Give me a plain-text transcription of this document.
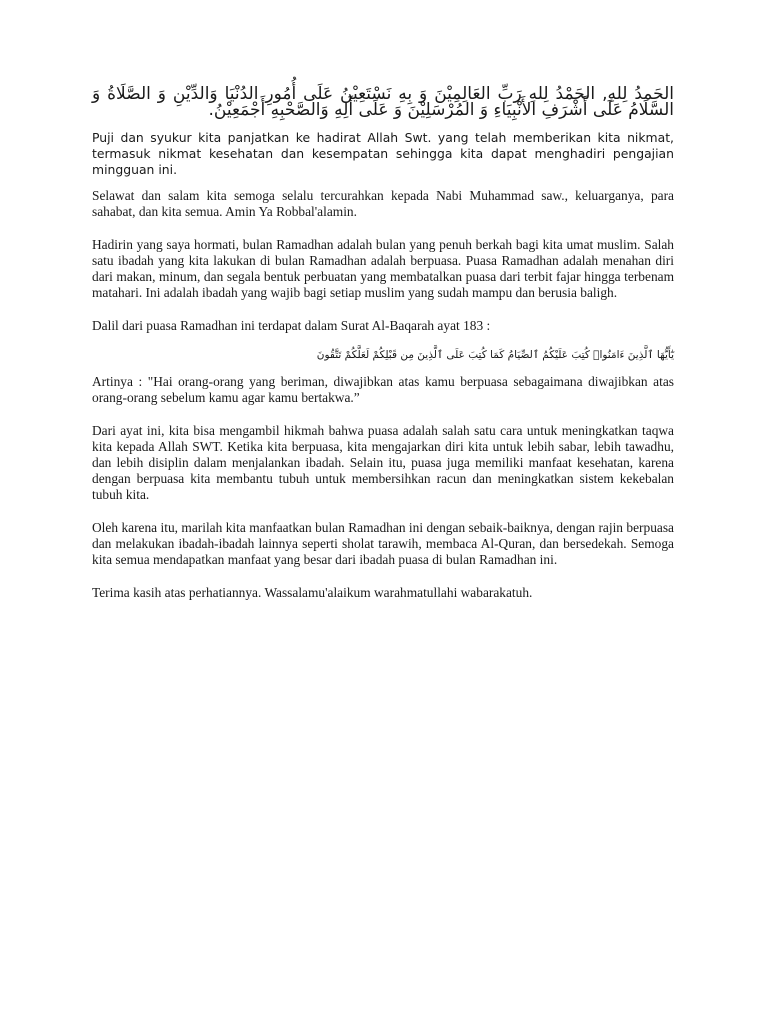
الحَمدُ لِلهِ, الحَمْدُ لِلهِ رَبِّ العَالِمِيْنَ وَ بِهِ نَسْتَعِيْنُ عَلَى أُمُورِ الدُنْيَا وَالدِّيْنِ وَ الصَّلَاةُ وَ السَّلَامُ عَلَى أَشْرَفِ الأَنْبِيَاءِ وَ المُرْسَلِيْنَ وَ عَلَى أَلِهِ وَالصَّحْبِهِ أَجْمَعِيْنُ.

Puji dan syukur kita panjatkan ke hadirat Allah Swt. yang telah memberikan kita nikmat, termasuk nikmat kesehatan dan kesempatan sehingga kita dapat menghadiri pengajian mingguan ini.

Selawat dan salam kita semoga selalu tercurahkan kepada Nabi Muhammad saw., keluarganya, para sahabat, dan kita semua. Amin Ya Robbal'alamin.

Hadirin yang saya hormati, bulan Ramadhan adalah bulan yang penuh berkah bagi kita umat muslim. Salah satu ibadah yang kita lakukan di bulan Ramadhan adalah berpuasa. Puasa Ramadhan adalah menahan diri dari makan, minum, dan segala bentuk perbuatan yang membatalkan puasa dari terbit fajar hingga terbenam matahari. Ini adalah ibadah yang wajib bagi setiap muslim yang sudah mampu dan berusia baligh.

Dalil dari puasa Ramadhan ini terdapat dalam Surat Al-Baqarah ayat 183 :

يَٰٓأَيُّهَا ٱلَّذِينَ ءَامَنُوا۟ كُتِبَ عَلَيْكُمُ ٱلصِّيَامُ كَمَا كُتِبَ عَلَى ٱلَّذِينَ مِن قَبْلِكُمْ لَعَلَّكُمْ تَتَّقُونَ

Artinya : "Hai orang-orang yang beriman, diwajibkan atas kamu berpuasa sebagaimana diwajibkan atas orang-orang sebelum kamu agar kamu bertakwa.”

Dari ayat ini, kita bisa mengambil hikmah bahwa puasa adalah salah satu cara untuk meningkatkan taqwa kita kepada Allah SWT. Ketika kita berpuasa, kita mengajarkan diri kita untuk lebih sabar, lebih tawadhu, dan lebih disiplin dalam menjalankan ibadah. Selain itu, puasa juga memiliki manfaat kesehatan, karena dengan berpuasa kita membantu tubuh untuk membersihkan racun dan meningkatkan sistem kekebalan tubuh kita.

Oleh karena itu, marilah kita manfaatkan bulan Ramadhan ini dengan sebaik-baiknya, dengan rajin berpuasa dan melakukan ibadah-ibadah lainnya seperti sholat tarawih, membaca Al-Quran, dan bersedekah. Semoga kita semua mendapatkan manfaat yang besar dari ibadah puasa di bulan Ramadhan ini.

Terima kasih atas perhatiannya. Wassalamu'alaikum warahmatullahi wabarakatuh.
